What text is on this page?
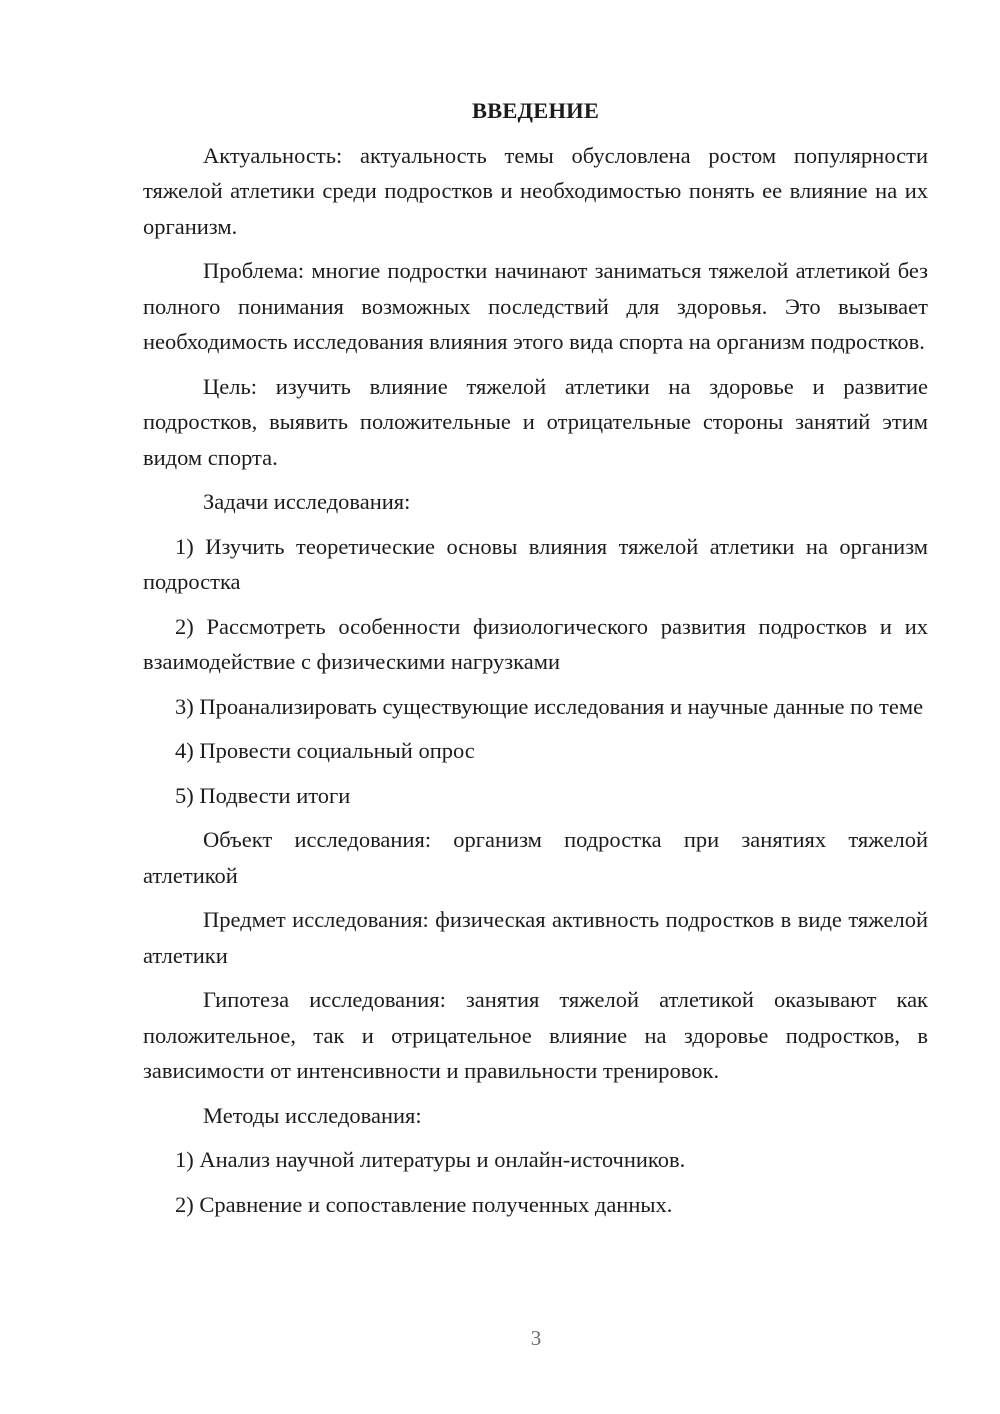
ВВЕДЕНИЕ

Актуальность: актуальность темы обусловлена ростом популярности тяжелой атлетики среди подростков и необходимостью понять ее влияние на их организм.

Проблема: многие подростки начинают заниматься тяжелой атлетикой без полного понимания возможных последствий для здоровья. Это вызывает необходимость исследования влияния этого вида спорта на организм подростков.

Цель: изучить влияние тяжелой атлетики на здоровье и развитие подростков, выявить положительные и отрицательные стороны занятий этим видом спорта.

Задачи исследования:

1) Изучить теоретические основы влияния тяжелой атлетики на организм подростка

2) Рассмотреть особенности физиологического развития подростков и их взаимодействие с физическими нагрузками

3) Проанализировать существующие исследования и научные данные по теме

4) Провести социальный опрос

5) Подвести итоги

Объект исследования: организм подростка при занятиях тяжелой атлетикой

Предмет исследования: физическая активность подростков в виде тяжелой атлетики

Гипотеза исследования: занятия тяжелой атлетикой оказывают как положительное, так и отрицательное влияние на здоровье подростков, в зависимости от интенсивности и правильности тренировок.

Методы исследования:

1) Анализ научной литературы и онлайн-источников.

2) Сравнение и сопоставление полученных данных.

3
